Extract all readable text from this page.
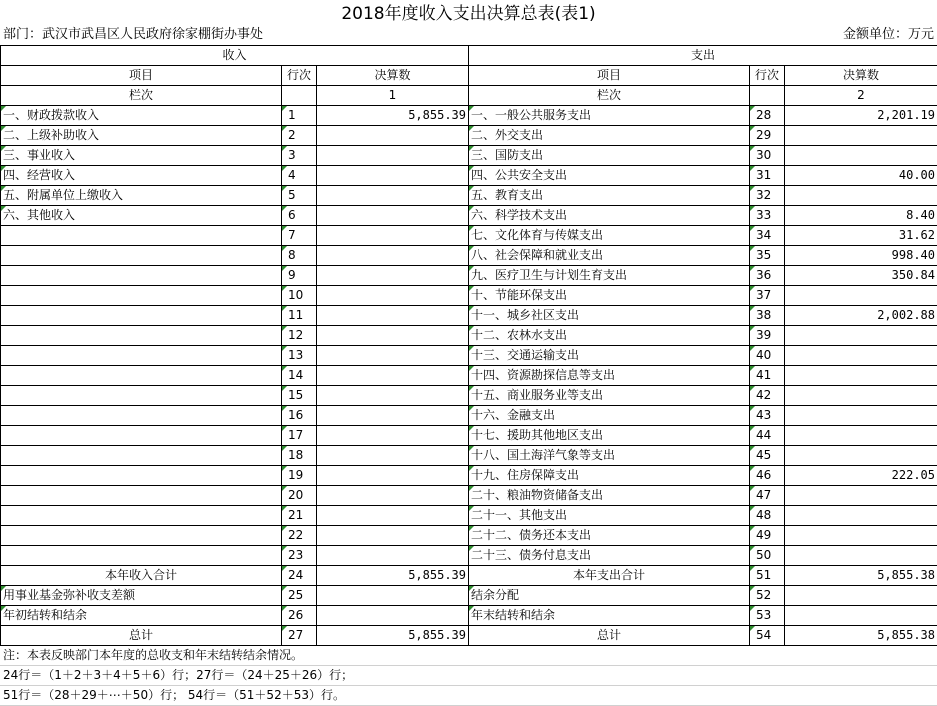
2018年度收入支出决算总表(表1)
部门：武汉市武昌区人民政府徐家棚街办事处	金额单位：万元
收入			支出		
项目	行次	决算数	项目	行次	决算数
栏次		1	栏次		2
一、财政拨款收入	1	5,855.39	一、一般公共服务支出	28	2,201.19
二、上级补助收入	2		二、外交支出	29	
三、事业收入	3		三、国防支出	30	
四、经营收入	4		四、公共安全支出	31	40.00
五、附属单位上缴收入	5		五、教育支出	32	
六、其他收入	6		六、科学技术支出	33	8.40
	7		七、文化体育与传媒支出	34	31.62
	8		八、社会保障和就业支出	35	998.40
	9		九、医疗卫生与计划生育支出	36	350.84
	10		十、节能环保支出	37	
	11		十一、城乡社区支出	38	2,002.88
	12		十二、农林水支出	39	
	13		十三、交通运输支出	40	
	14		十四、资源勘探信息等支出	41	
	15		十五、商业服务业等支出	42	
	16		十六、金融支出	43	
	17		十七、援助其他地区支出	44	
	18		十八、国土海洋气象等支出	45	
	19		十九、住房保障支出	46	222.05
	20		二十、粮油物资储备支出	47	
	21		二十一、其他支出	48	
	22		二十二、债务还本支出	49	
	23		二十三、债务付息支出	50	
本年收入合计	24	5,855.39	本年支出合计	51	5,855.38
用事业基金弥补收支差额	25		结余分配	52	
年初结转和结余	26		年末结转和结余	53	
总计	27	5,855.39	总计	54	5,855.38
注：本表反映部门本年度的总收支和年末结转结余情况。
24行＝（1＋2＋3＋4＋5＋6）行；27行＝（24＋25＋26）行；
51行＝（28＋29＋⋯＋50）行； 54行＝（51＋52＋53）行。
